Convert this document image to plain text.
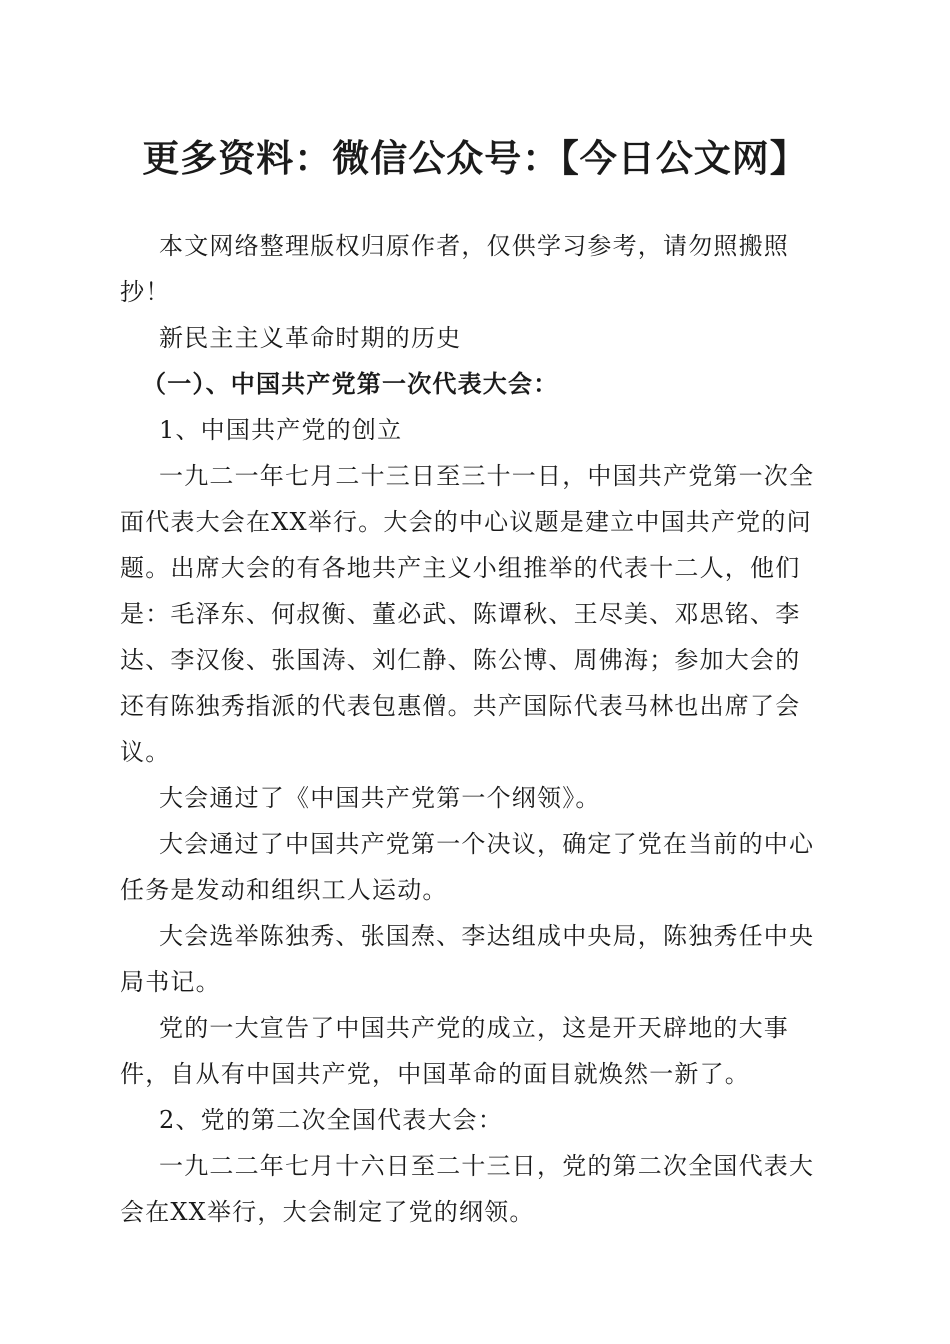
更多资料：微信公众号：【今日公文网】

本文网络整理版权归原作者，仅供学习参考，请勿照搬照抄！

新民主主义革命时期的历史

（一）、中国共产党第一次代表大会：

1、中国共产党的创立

一九二一年七月二十三日至三十一日，中国共产党第一次全面代表大会在XX举行。大会的中心议题是建立中国共产党的问题。出席大会的有各地共产主义小组推举的代表十二人，他们是：毛泽东、何叔衡、董必武、陈谭秋、王尽美、邓思铭、李达、李汉俊、张国涛、刘仁静、陈公博、周佛海；参加大会的还有陈独秀指派的代表包惠僧。共产国际代表马林也出席了会议。

大会通过了《中国共产党第一个纲领》。

大会通过了中国共产党第一个决议，确定了党在当前的中心任务是发动和组织工人运动。

大会选举陈独秀、张国焘、李达组成中央局，陈独秀任中央局书记。

党的一大宣告了中国共产党的成立，这是开天辟地的大事件，自从有中国共产党，中国革命的面目就焕然一新了。

2、党的第二次全国代表大会：

一九二二年七月十六日至二十三日，党的第二次全国代表大会在XX举行，大会制定了党的纲领。
